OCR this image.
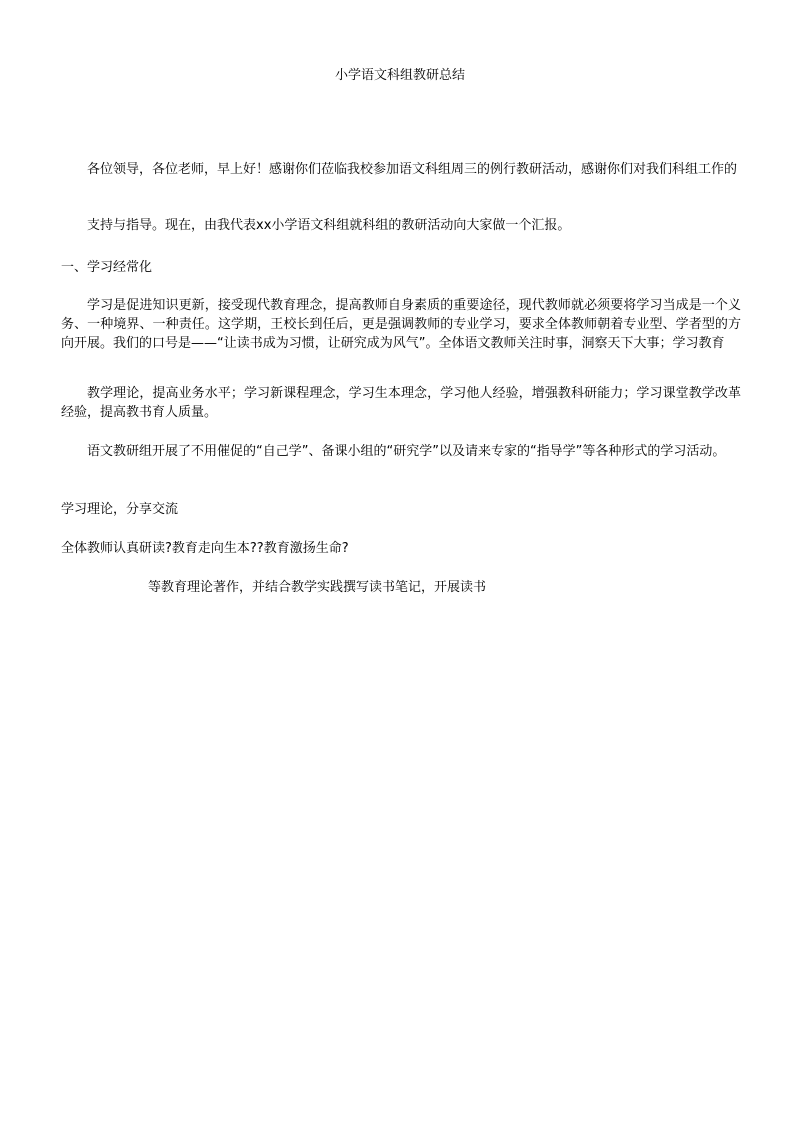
小学语文科组教研总结

各位领导，各位老师，早上好！感谢你们莅临我校参加语文科组周三的例行教研活动，感谢你们对我们科组工作的

支持与指导。现在，由我代表xx小学语文科组就科组的教研活动向大家做一个汇报。

一、学习经常化

学习是促进知识更新，接受现代教育理念，提高教师自身素质的重要途径，现代教师就必须要将学习当成是一个义务、一种境界、一种责任。这学期，王校长到任后，更是强调教师的专业学习，要求全体教师朝着专业型、学者型的方向开展。我们的口号是——“让读书成为习惯，让研究成为风气”。全体语文教师关注时事，洞察天下大事；学习教育

教学理论，提高业务水平；学习新课程理念，学习生本理念，学习他人经验，增强教科研能力；学习课堂教学改革经验，提高教书育人质量。

语文教研组开展了不用催促的“自己学”、备课小组的“研究学”以及请来专家的“指导学”等各种形式的学习活动。

学习理论，分享交流

全体教师认真研读?教育走向生本??教育激扬生命?

等教育理论著作，并结合教学实践撰写读书笔记，开展读书
